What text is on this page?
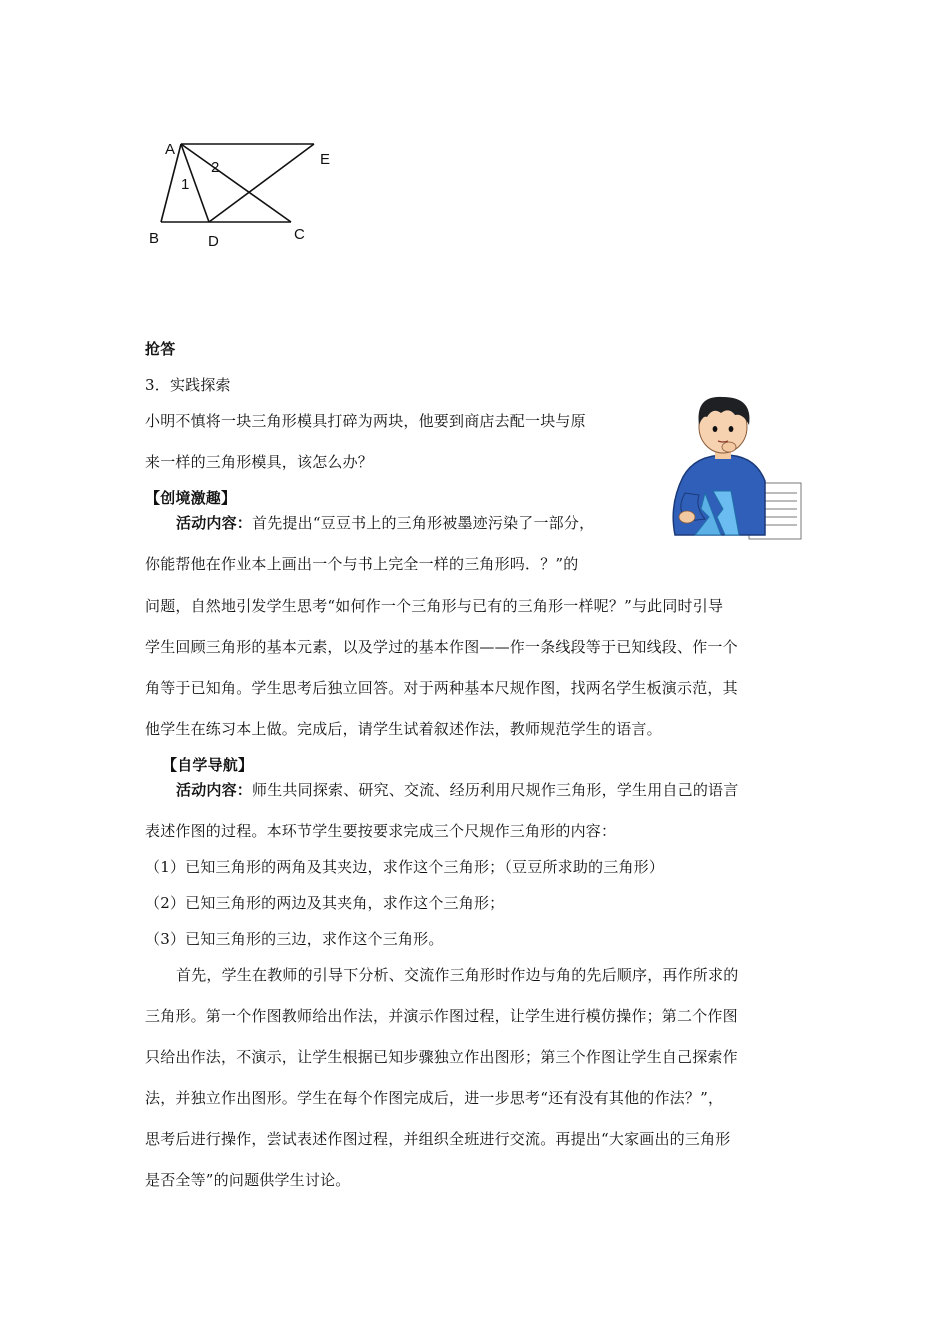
A
E
B	D	C
1
2
抢答
3．实践探索
小明不慎将一块三角形模具打碎为两块，他要到商店去配一块与原
来一样的三角形模具，该怎么办？
【创境激趣】
活动内容：首先提出“豆豆书上的三角形被墨迹污染了一部分，
你能帮他在作业本上画出一个与书上完全一样的三角形吗．？”的
问题，自然地引发学生思考“如何作一个三角形与已有的三角形一样呢？”与此同时引导
学生回顾三角形的基本元素，以及学过的基本作图——作一条线段等于已知线段、作一个
角等于已知角。学生思考后独立回答。对于两种基本尺规作图，找两名学生板演示范，其
他学生在练习本上做。完成后，请学生试着叙述作法，教师规范学生的语言。
【自学导航】
活动内容：师生共同探索、研究、交流、经历利用尺规作三角形，学生用自己的语言
表述作图的过程。本环节学生要按要求完成三个尺规作三角形的内容：
（1）已知三角形的两角及其夹边，求作这个三角形；（豆豆所求助的三角形）
（2）已知三角形的两边及其夹角，求作这个三角形；
（3）已知三角形的三边，求作这个三角形。
首先，学生在教师的引导下分析、交流作三角形时作边与角的先后顺序，再作所求的
三角形。第一个作图教师给出作法，并演示作图过程，让学生进行模仿操作；第二个作图
只给出作法，不演示，让学生根据已知步骤独立作出图形；第三个作图让学生自己探索作
法，并独立作出图形。学生在每个作图完成后，进一步思考“还有没有其他的作法？”，
思考后进行操作，尝试表述作图过程，并组织全班进行交流。再提出“大家画出的三角形
是否全等”的问题供学生讨论。
